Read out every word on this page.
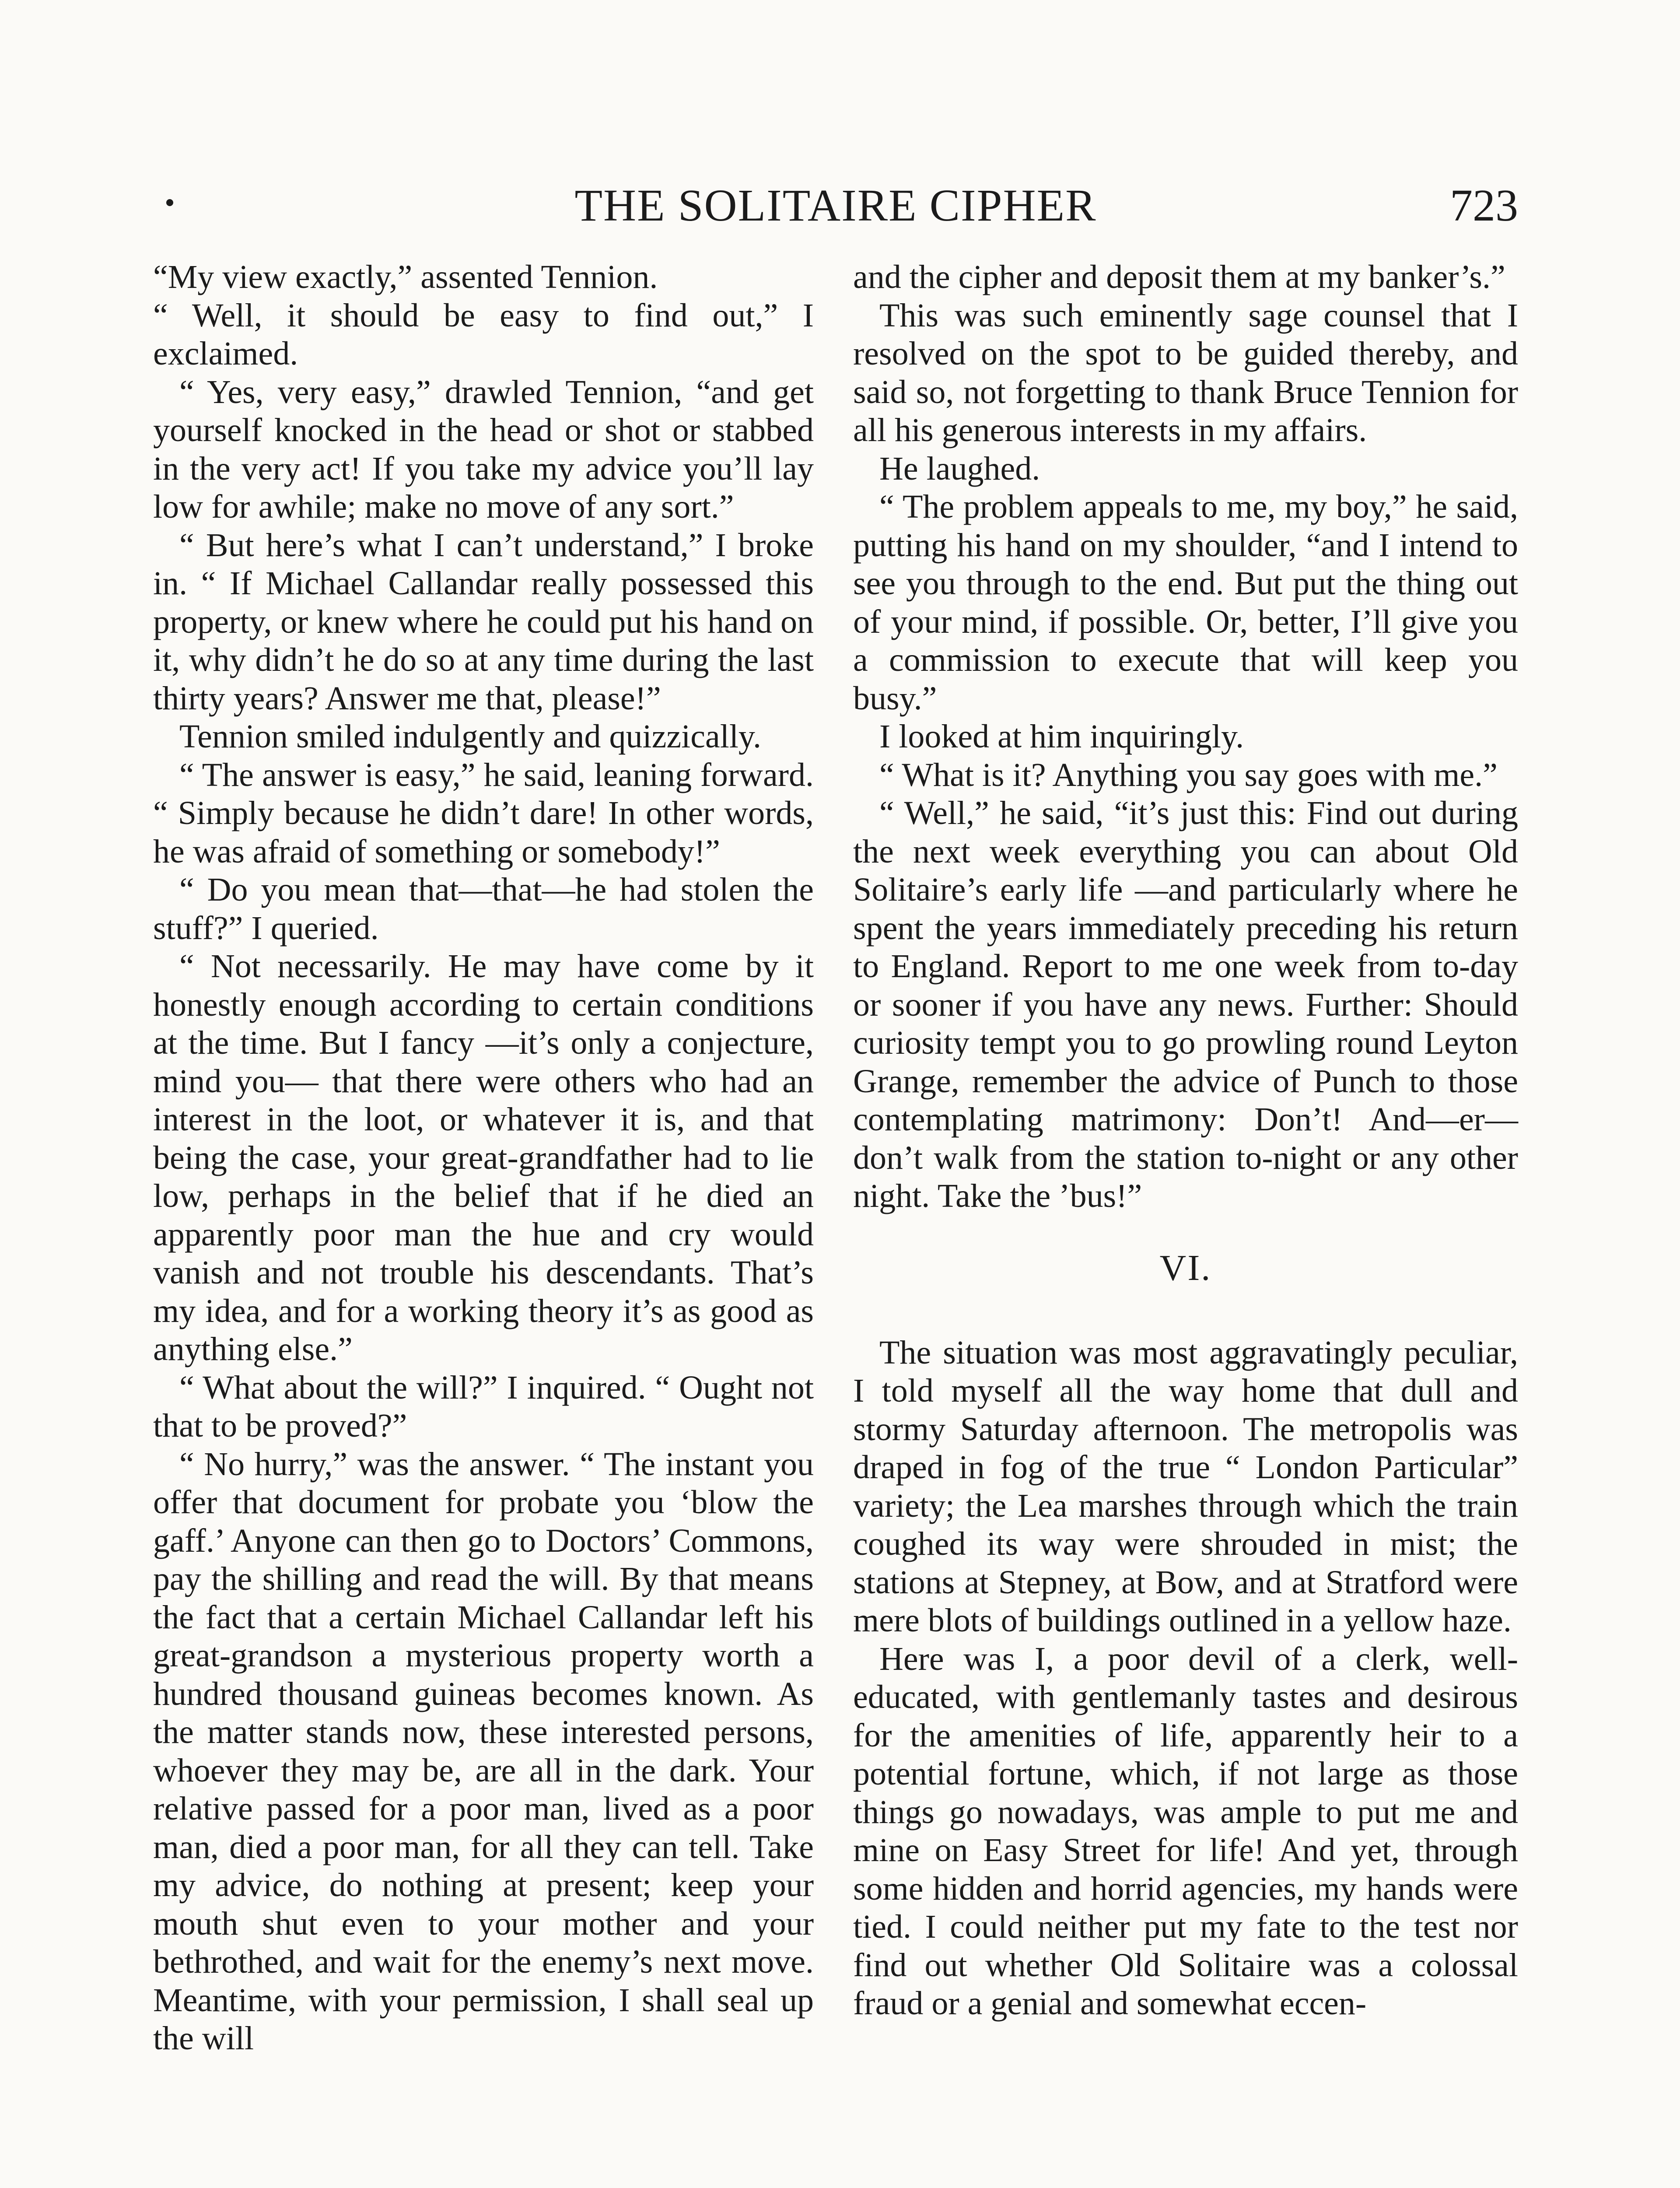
THE SOLITAIRE CIPHER	723

“My view exactly,” assented Tennion.

“ Well, it should be easy to find out,” I exclaimed.

“ Yes, very easy,” drawled Tennion, “and get yourself knocked in the head or shot or stabbed in the very act! If you take my advice you’ll lay low for awhile; make no move of any sort.”

“ But here’s what I can’t understand,” I broke in. “ If Michael Callandar really possessed this property, or knew where he could put his hand on it, why didn’t he do so at any time during the last thirty years? Answer me that, please!”

Tennion smiled indulgently and quizzically.

“ The answer is easy,” he said, leaning forward. “ Simply because he didn’t dare! In other words, he was afraid of something or somebody!”

“ Do you mean that—that—he had stolen the stuff?” I queried.

“ Not necessarily. He may have come by it honestly enough according to certain conditions at the time. But I fancy —it’s only a conjecture, mind you— that there were others who had an interest in the loot, or whatever it is, and that being the case, your great-grandfather had to lie low, perhaps in the belief that if he died an apparently poor man the hue and cry would vanish and not trouble his descendants. That’s my idea, and for a working theory it’s as good as anything else.”

“ What about the will?” I inquired. “ Ought not that to be proved?”

“ No hurry,” was the answer. “ The instant you offer that document for probate you ‘blow the gaff.’ Anyone can then go to Doctors’ Commons, pay the shilling and read the will. By that means the fact that a certain Michael Callandar left his great-grandson a mysterious property worth a hundred thousand guineas becomes known. As the matter stands now, these interested persons, whoever they may be, are all in the dark. Your relative passed for a poor man, lived as a poor man, died a poor man, for all they can tell. Take my advice, do nothing at present; keep your mouth shut even to your mother and your bethrothed, and wait for the enemy’s next move. Meantime, with your permission, I shall seal up the will

and the cipher and deposit them at my banker’s.”

This was such eminently sage counsel that I resolved on the spot to be guided thereby, and said so, not forgetting to thank Bruce Tennion for all his generous interests in my affairs.

He laughed.

“ The problem appeals to me, my boy,” he said, putting his hand on my shoulder, “and I intend to see you through to the end. But put the thing out of your mind, if possible. Or, better, I’ll give you a commission to execute that will keep you busy.”

I looked at him inquiringly.

“ What is it? Anything you say goes with me.”

“ Well,” he said, “it’s just this: Find out during the next week everything you can about Old Solitaire’s early life —and particularly where he spent the years immediately preceding his return to England. Report to me one week from to-day or sooner if you have any news. Further: Should curiosity tempt you to go prowling round Leyton Grange, remember the advice of Punch to those contemplating matrimony: Don’t! And—er—don’t walk from the station to-night or any other night. Take the ’bus!”

VI.

The situation was most aggravatingly peculiar, I told myself all the way home that dull and stormy Saturday afternoon. The metropolis was draped in fog of the true “ London Particular” variety; the Lea marshes through which the train coughed its way were shrouded in mist; the stations at Stepney, at Bow, and at Stratford were mere blots of buildings outlined in a yellow haze.

Here was I, a poor devil of a clerk, well-educated, with gentlemanly tastes and desirous for the amenities of life, apparently heir to a potential fortune, which, if not large as those things go nowadays, was ample to put me and mine on Easy Street for life! And yet, through some hidden and horrid agencies, my hands were tied. I could neither put my fate to the test nor find out whether Old Solitaire was a colossal fraud or a genial and somewhat eccen-
